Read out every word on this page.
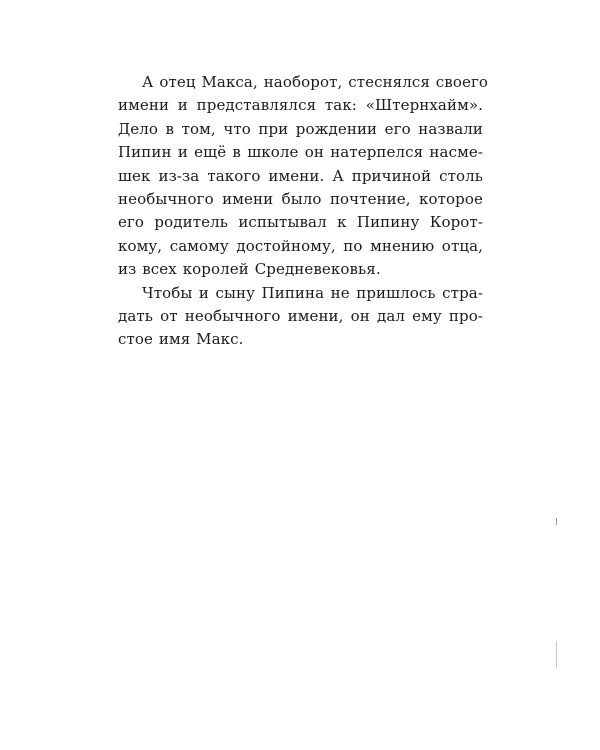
А отец Макса, наоборот, стеснялся своего
имени и представлялся так: «Штернхайм».
Дело в том, что при рождении его назвали
Пипин и ещё в школе он натерпелся насме-
шек из-за такого имени. А причиной столь
необычного имени было почтение, которое
его родитель испытывал к Пипину Корот-
кому, самому достойному, по мнению отца,
из всех королей Средневековья.

Чтобы и сыну Пипина не пришлось стра-
дать от необычного имени, он дал ему про-
стое имя Макс.
